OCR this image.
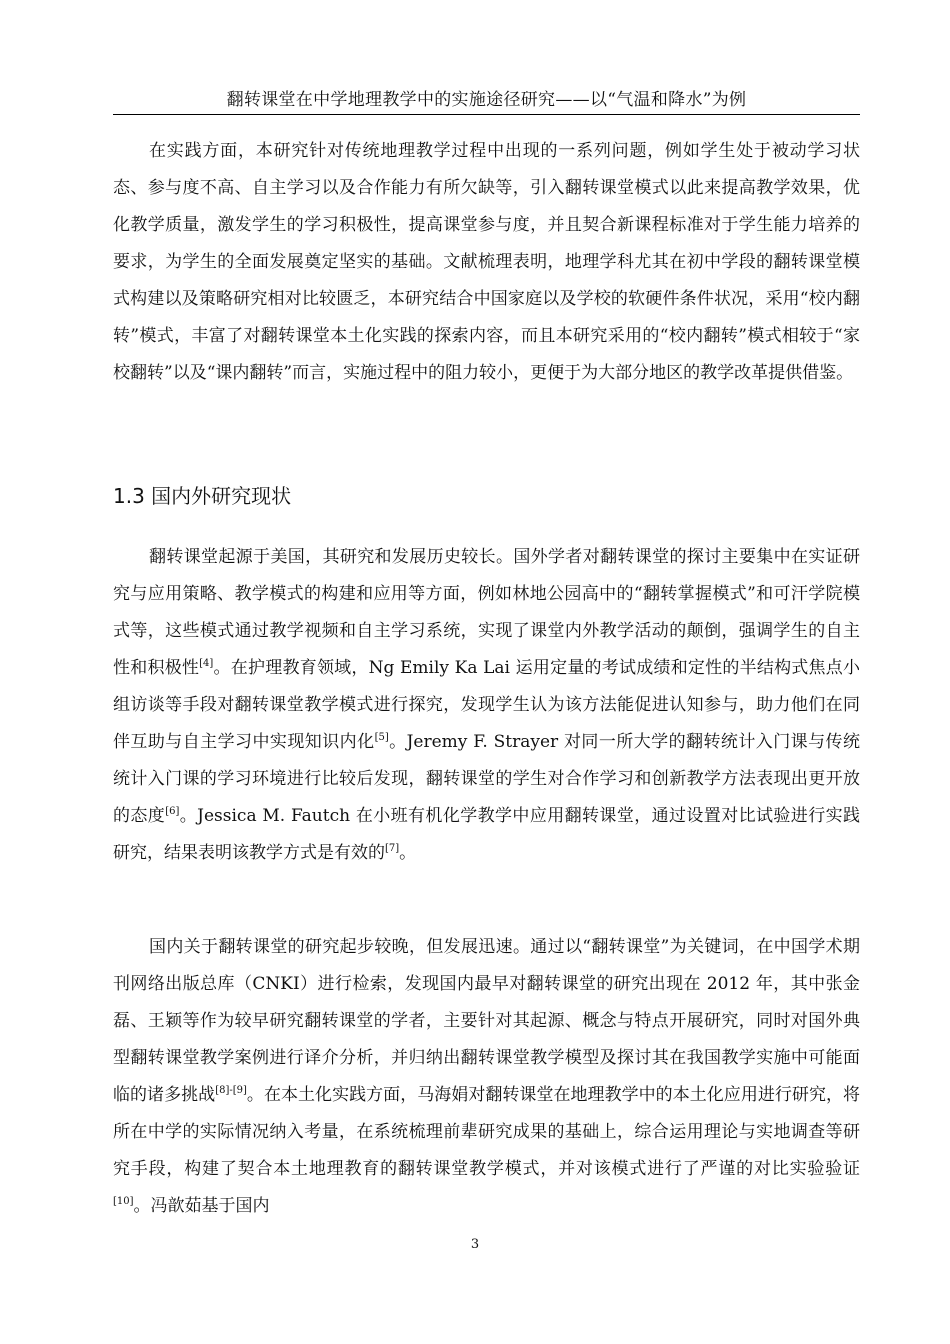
翻转课堂在中学地理教学中的实施途径研究——以“气温和降水”为例

在实践方面，本研究针对传统地理教学过程中出现的一系列问题，例如学生处于被动学习状态、参与度不高、自主学习以及合作能力有所欠缺等，引入翻转课堂模式以此来提高教学效果，优化教学质量，激发学生的学习积极性，提高课堂参与度，并且契合新课程标准对于学生能力培养的要求，为学生的全面发展奠定坚实的基础。文献梳理表明，地理学科尤其在初中学段的翻转课堂模式构建以及策略研究相对比较匮乏，本研究结合中国家庭以及学校的软硬件条件状况，采用“校内翻转”模式，丰富了对翻转课堂本土化实践的探索内容，而且本研究采用的“校内翻转”模式相较于“家校翻转”以及“课内翻转”而言，实施过程中的阻力较小，更便于为大部分地区的教学改革提供借鉴。

1.3 国内外研究现状

翻转课堂起源于美国，其研究和发展历史较长。国外学者对翻转课堂的探讨主要集中在实证研究与应用策略、教学模式的构建和应用等方面，例如林地公园高中的“翻转掌握模式”和可汗学院模式等，这些模式通过教学视频和自主学习系统，实现了课堂内外教学活动的颠倒，强调学生的自主性和积极性[4]。在护理教育领域，Ng Emily Ka Lai 运用定量的考试成绩和定性的半结构式焦点小组访谈等手段对翻转课堂教学模式进行探究，发现学生认为该方法能促进认知参与，助力他们在同伴互助与自主学习中实现知识内化[5]。Jeremy F. Strayer 对同一所大学的翻转统计入门课与传统统计入门课的学习环境进行比较后发现，翻转课堂的学生对合作学习和创新教学方法表现出更开放的态度[6]。Jessica M. Fautch 在小班有机化学教学中应用翻转课堂，通过设置对比试验进行实践研究，结果表明该教学方式是有效的[7]。

国内关于翻转课堂的研究起步较晚，但发展迅速。通过以“翻转课堂”为关键词，在中国学术期刊网络出版总库（CNKI）进行检索，发现国内最早对翻转课堂的研究出现在 2012 年，其中张金磊、王颖等作为较早研究翻转课堂的学者，主要针对其起源、概念与特点开展研究，同时对国外典型翻转课堂教学案例进行译介分析，并归纳出翻转课堂教学模型及探讨其在我国教学实施中可能面临的诸多挑战[8]-[9]。在本土化实践方面，马海娟对翻转课堂在地理教学中的本土化应用进行研究，将所在中学的实际情况纳入考量，在系统梳理前辈研究成果的基础上，综合运用理论与实地调查等研究手段，构建了契合本土地理教育的翻转课堂教学模式，并对该模式进行了严谨的对比实验验证[10]。冯歆茹基于国内

3
